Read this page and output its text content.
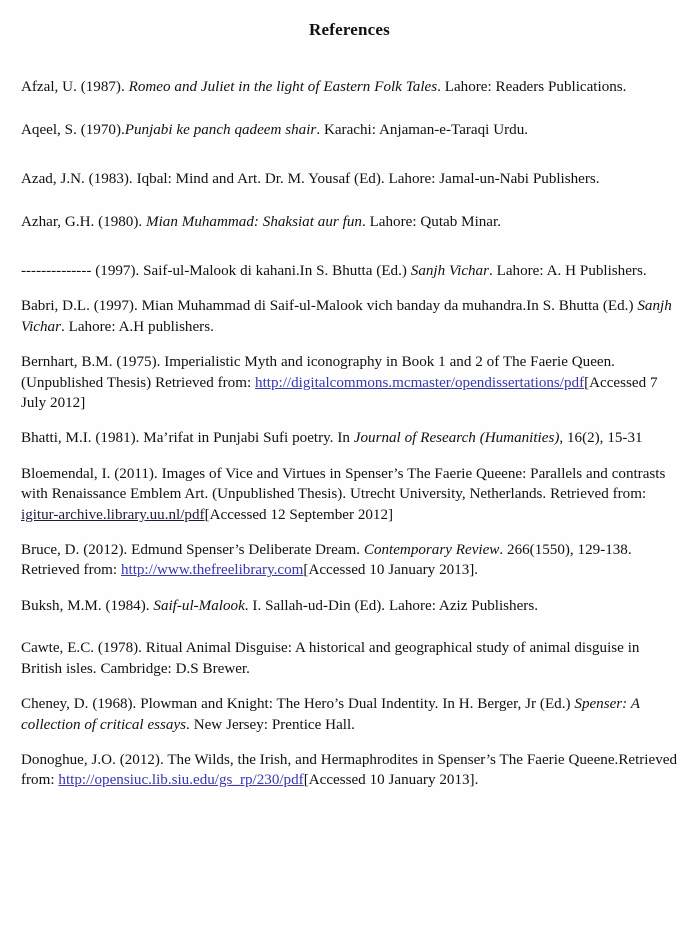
References

Afzal, U. (1987). Romeo and Juliet in the light of Eastern Folk Tales. Lahore: Readers Publications.

Aqeel, S. (1970).Punjabi ke panch qadeem shair. Karachi: Anjaman-e-Taraqi Urdu.

Azad, J.N. (1983). Iqbal: Mind and Art. Dr. M. Yousaf (Ed). Lahore: Jamal-un-Nabi Publishers.

Azhar, G.H. (1980). Mian Muhammad: Shaksiat aur fun. Lahore: Qutab Minar.

-------------- (1997). Saif-ul-Malook di kahani.In S. Bhutta (Ed.) Sanjh Vichar. Lahore: A. H Publishers.

Babri, D.L. (1997). Mian Muhammad di Saif-ul-Malook vich banday da muhandra.In S. Bhutta (Ed.) Sanjh Vichar. Lahore: A.H publishers.

Bernhart, B.M. (1975). Imperialistic Myth and iconography in Book 1 and 2 of The Faerie Queen. (Unpublished Thesis) Retrieved from: http://digitalcommons.mcmaster/opendissertations/pdf[Accessed 7 July 2012]

Bhatti, M.I. (1981). Ma’rifat in Punjabi Sufi poetry. In Journal of Research (Humanities), 16(2), 15-31

Bloemendal, I. (2011). Images of Vice and Virtues in Spenser’s The Faerie Queene: Parallels and contrasts with Renaissance Emblem Art. (Unpublished Thesis). Utrecht University, Netherlands. Retrieved from: igitur-archive.library.uu.nl/pdf[Accessed 12 September 2012]

Bruce, D. (2012). Edmund Spenser’s Deliberate Dream. Contemporary Review. 266(1550), 129-138. Retrieved from: http://www.thefreelibrary.com[Accessed 10 January 2013].

Buksh, M.M. (1984). Saif-ul-Malook. I. Sallah-ud-Din (Ed). Lahore: Aziz Publishers.

Cawte, E.C. (1978). Ritual Animal Disguise: A historical and geographical study of animal disguise in British isles. Cambridge: D.S Brewer.

Cheney, D. (1968). Plowman and Knight: The Hero’s Dual Indentity. In H. Berger, Jr (Ed.) Spenser: A collection of critical essays. New Jersey: Prentice Hall.

Donoghue, J.O. (2012). The Wilds, the Irish, and Hermaphrodites in Spenser’s The Faerie Queene.Retrieved from: http://opensiuc.lib.siu.edu/gs_rp/230/pdf[Accessed 10 January 2013].
